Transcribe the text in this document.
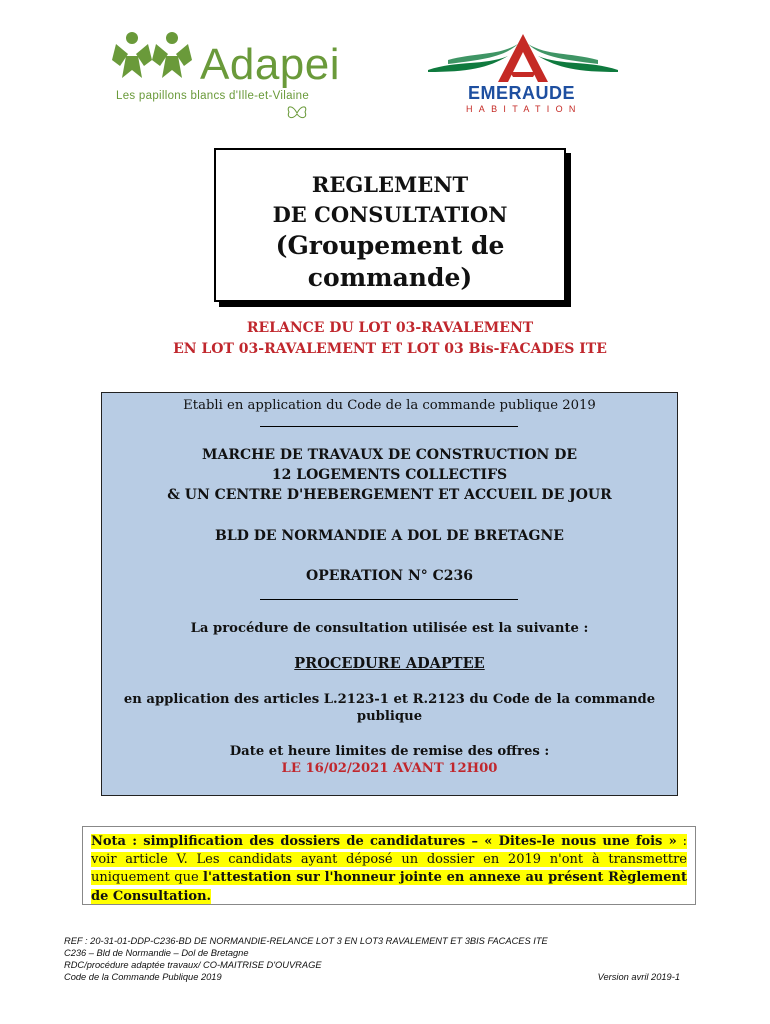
Adapei
Les papillons blancs d'Ille-et-Vilaine	EMERAUDE
HABITATION
REGLEMENT
DE CONSULTATION
(Groupement de
commande)
RELANCE DU LOT 03-RAVALEMENT
EN LOT 03-RAVALEMENT ET LOT 03 Bis-FACADES ITE
Etabli en application du Code de la commande publique 2019
MARCHE DE TRAVAUX DE CONSTRUCTION DE
12 LOGEMENTS COLLECTIFS
& UN CENTRE D'HEBERGEMENT ET ACCUEIL DE JOUR
BLD DE NORMANDIE A DOL DE BRETAGNE
OPERATION N° C236
La procédure de consultation utilisée est la suivante :
PROCEDURE ADAPTEE
en application des articles L.2123-1 et R.2123 du Code de la commande
publique
Date et heure limites de remise des offres :
LE 16/02/2021 AVANT 12H00
Nota : simplification des dossiers de candidatures – « Dites-le nous une fois » : voir article V. Les candidats ayant déposé un dossier en 2019 n'ont à transmettre uniquement que l'attestation sur l'honneur jointe en annexe au présent Règlement de Consultation.
REF : 20-31-01-DDP-C236-BD DE NORMANDIE-RELANCE LOT 3 EN LOT3 RAVALEMENT ET 3BIS FACACES ITE
C236 – Bld de Normandie – Dol de Bretagne
RDC/procédure adaptée travaux/ CO-MAITRISE D'OUVRAGE
Code de la Commande Publique 2019	Version avril 2019-1
